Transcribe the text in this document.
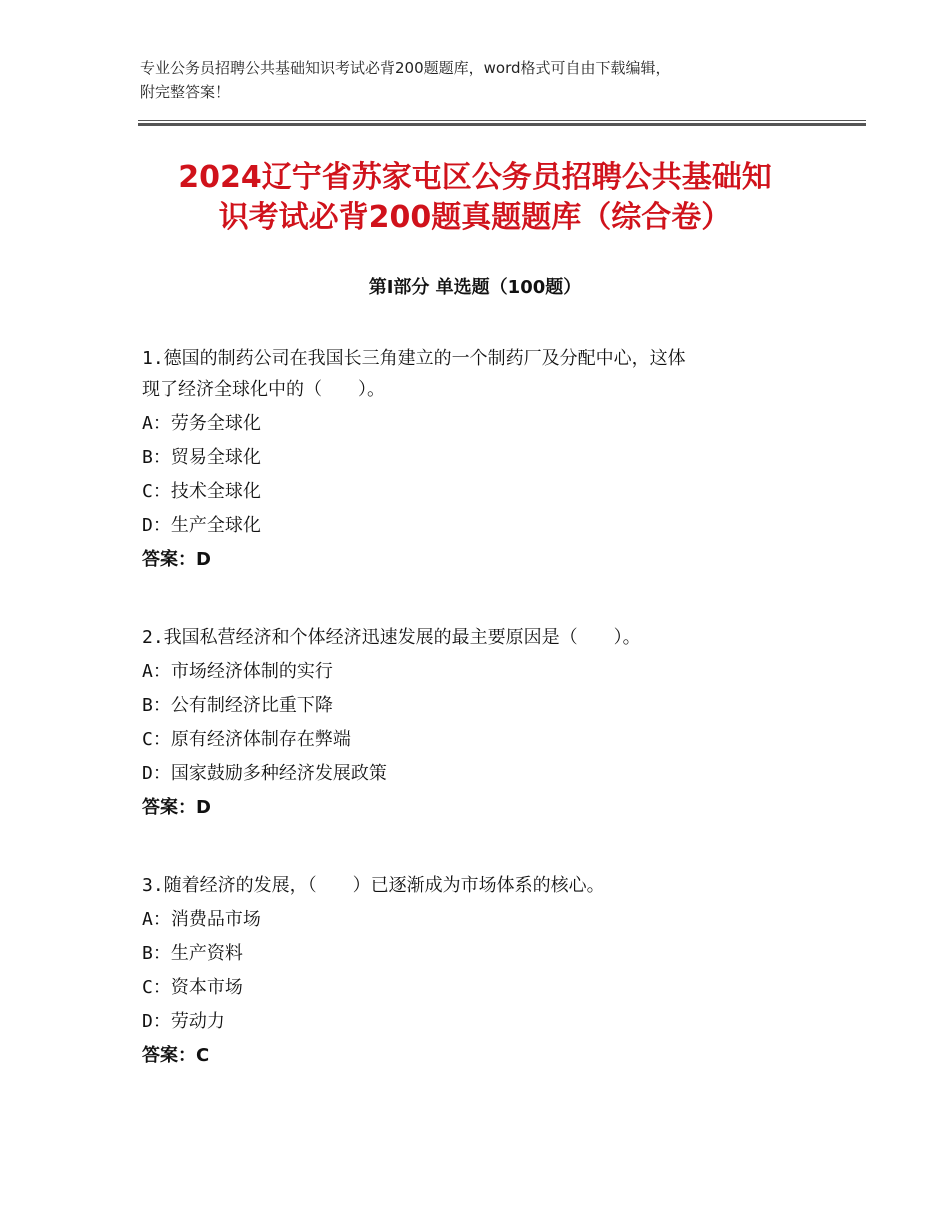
专业公务员招聘公共基础知识考试必背200题题库，word格式可自由下载编辑，
附完整答案！
2024辽宁省苏家屯区公务员招聘公共基础知
识考试必背200题真题题库（综合卷）
第Ⅰ部分 单选题（100题）

1.德国的制药公司在我国长三角建立的一个制药厂及分配中心，这体
现了经济全球化中的（　　）。

A：劳务全球化

B：贸易全球化

C：技术全球化

D：生产全球化

答案：D

2.我国私营经济和个体经济迅速发展的最主要原因是（　　）。

A：市场经济体制的实行

B：公有制经济比重下降

C：原有经济体制存在弊端

D：国家鼓励多种经济发展政策

答案：D

3.随着经济的发展，（　　）已逐渐成为市场体系的核心。

A：消费品市场

B：生产资料

C：资本市场

D：劳动力

答案：C
